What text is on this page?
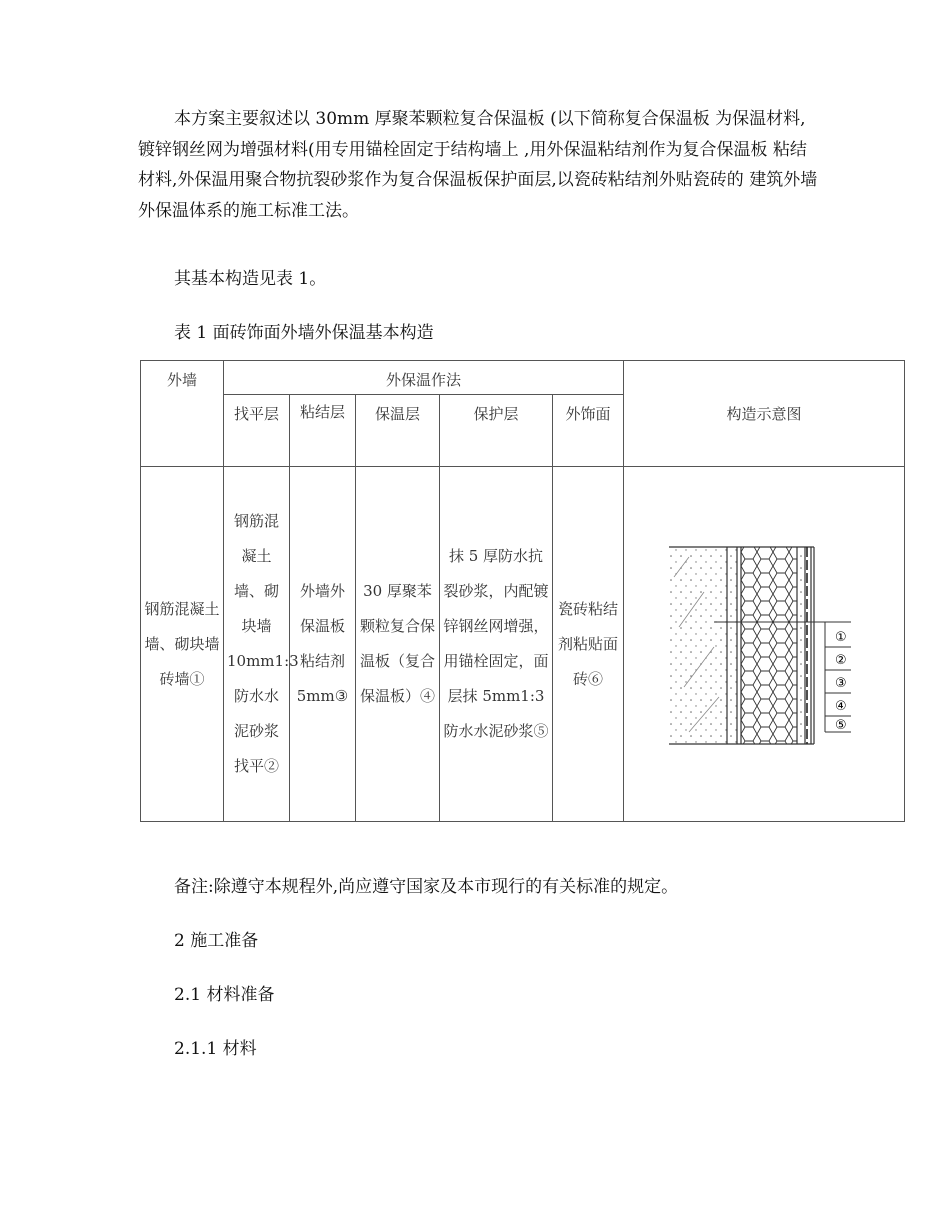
本方案主要叙述以 30mm 厚聚苯颗粒复合保温板 (以下简称复合保温板 为保温材料, 镀锌钢丝网为增强材料(用专用锚栓固定于结构墙上 ,用外保温粘结剂作为复合保温板 粘结材料,外保温用聚合物抗裂砂浆作为复合保温板保护面层,以瓷砖粘结剂外贴瓷砖的 建筑外墙外保温体系的施工标准工法。

其基本构造见表 1。

表 1 面砖饰面外墙外保温基本构造

外墙	外保温作法					构造示意图
	找平层	粘结层	保温层	保护层	外饰面	

钢筋混凝土墙、砌块墙砖墙①	钢筋混凝土墙、砌块墙10mm1:3 防水水泥砂浆找平②	外墙外保温板粘结剂5mm③	30 厚聚苯颗粒复合保温板（复合保温板）④	抹 5 厚防水抗裂砂浆，内配镀锌钢丝网增强，用锚栓固定，面层抹 5mm1:3 防水水泥砂浆⑤	瓷砖粘结剂粘贴面砖⑥	①
②
③
④
⑤

备注:除遵守本规程外,尚应遵守国家及本市现行的有关标准的规定。

2 施工准备

2.1 材料准备

2.1.1 材料
